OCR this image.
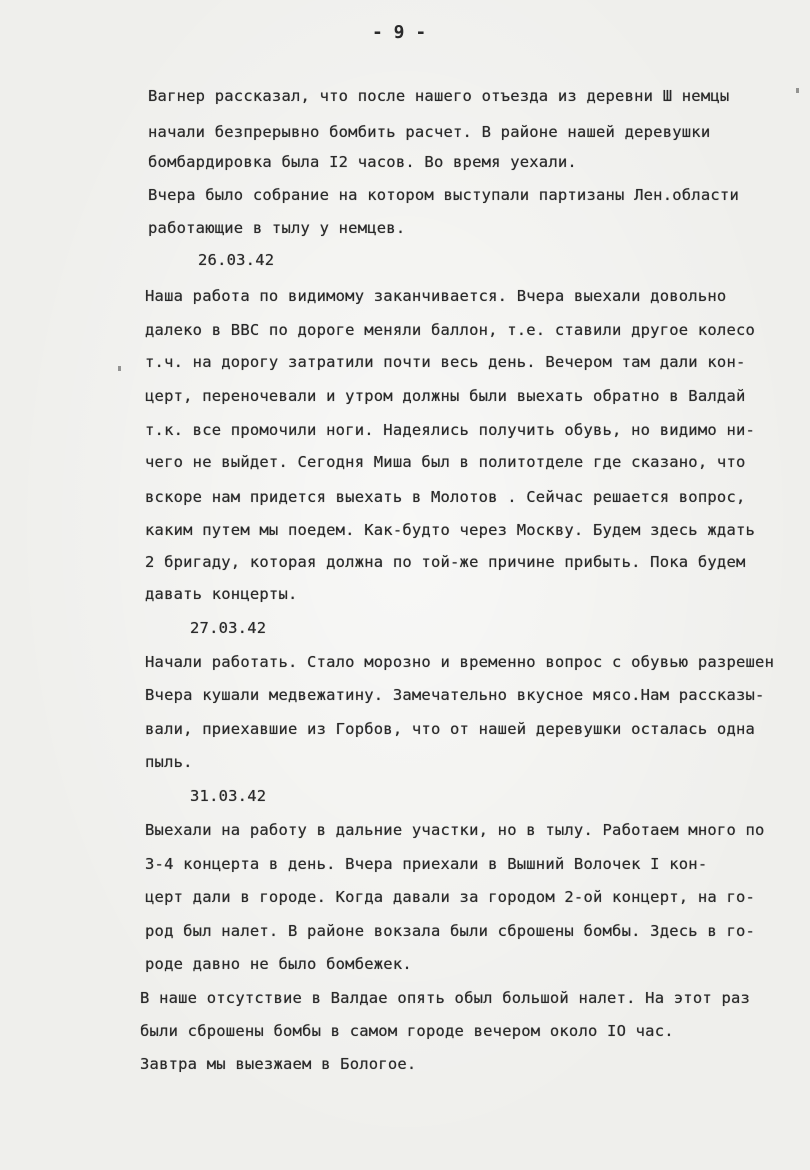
- 9 -
Вагнер рассказал, что после нашего отъезда из деревни Ш немцы
начали безпрерывно бомбить расчет. В районе нашей деревушки
бомбардировка была I2 часов. Во время уехали.
Вчера было собрание на котором выступали партизаны Лен.области
работающие в тылу у немцев.
26.03.42
Наша работа по видимому заканчивается. Вчера выехали довольно
далеко в ВВС по дороге меняли баллон, т.е. ставили другое колесо
т.ч. на дорогу затратили почти весь день. Вечером там дали кон-
церт, переночевали и утром должны были выехать обратно в Валдай
т.к. все промочили ноги. Надеялись получить обувь, но видимо ни-
чего не выйдет. Сегодня Миша был в политотделе где сказано, что
вскоре нам придется выехать в Молотов . Сейчас решается вопрос,
каким путем мы поедем. Как-будто через Москву. Будем здесь ждать
2 бригаду, которая должна по той-же причине прибыть. Пока будем
давать концерты.
27.03.42
Начали работать. Стало морозно и временно вопрос с обувью разрешен
Вчера кушали медвежатину. Замечательно вкусное мясо.Нам рассказы-
вали, приехавшие из Горбов, что от нашей деревушки осталась одна
пыль.
31.03.42
Выехали на работу в дальние участки, но в тылу. Работаем много по
3-4 концерта в день. Вчера приехали в Вышний Волочек I кон-
церт дали в городе. Когда давали за городом 2-ой концерт, на го-
род был налет. В районе вокзала были сброшены бомбы. Здесь в го-
роде давно не было бомбежек.
В наше отсутствие в Валдае опять обыл большой налет. На этот раз
были сброшены бомбы в самом городе вечером около IO час.
Завтра мы выезжаем в Бологое.
